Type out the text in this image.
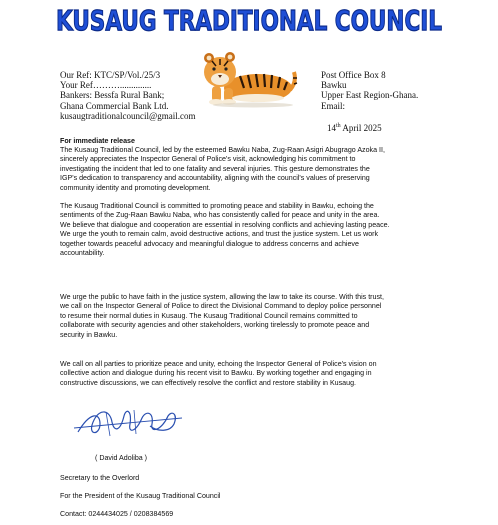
KUSAUG TRADITIONAL COUNCIL
Our Ref: KTC/SP/Vol./25/3
Your Ref………..............
Bankers: Bessfa Rural Bank;
Ghana Commercial Bank Ltd.
kusaugtraditionalcouncil@gmail.com
Post Office Box 8
Bawku
Upper East Region-Ghana.
Email:
14th April 2025
For immediate release

The Kusaug Traditional Council, led by the esteemed Bawku Naba, Zug-Raan Asigri Abugrago Azoka II,
sincerely appreciates the Inspector General of Police's visit, acknowledging his commitment to
investigating the incident that led to one fatality and several injuries. This gesture demonstrates the
IGP's dedication to transparency and accountability, aligning with the council's values of preserving
community identity and promoting development.

The Kusaug Traditional Council is committed to promoting peace and stability in Bawku, echoing the
sentiments of the Zug-Raan Bawku Naba, who has consistently called for peace and unity in the area.
We believe that dialogue and cooperation are essential in resolving conflicts and achieving lasting peace.
We urge the youth to remain calm, avoid destructive actions, and trust the justice system. Let us work
together towards peaceful advocacy and meaningful dialogue to address concerns and achieve
accountability.

We urge the public to have faith in the justice system, allowing the law to take its course. With this trust,
we call on the Inspector General of Police to direct the Divisional Command to deploy police personnel
to resume their normal duties in Kusaug. The Kusaug Traditional Council remains committed to
collaborate with security agencies and other stakeholders, working tirelessly to promote peace and
security in Bawku.

We call on all parties to prioritize peace and unity, echoing the Inspector General of Police's vision on
collective action and dialogue during his recent visit to Bawku. By working together and engaging in
constructive discussions, we can effectively resolve the conflict and restore stability in Kusaug.

( David Adoliba )
Secretary to the Overlord
For the President of the Kusaug Traditional Council
Contact: 0244434025 / 0208384569
